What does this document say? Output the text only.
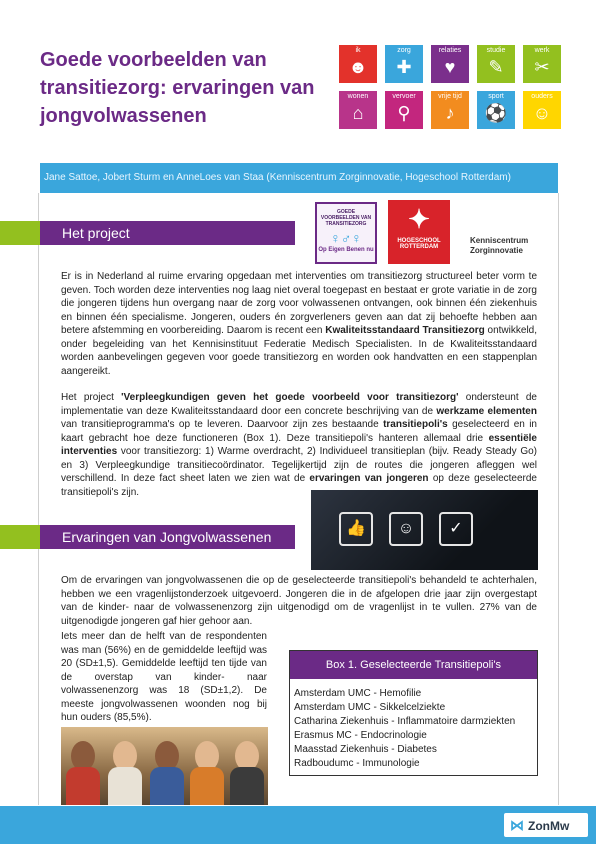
Goede voorbeelden van transitiezorg: ervaringen van jongvolwassenen
ik
☻
zorg
✚
relaties
♥
studie
✎
werk
✂
wonen
⌂
vervoer
⚲
vrije tijd
♪
sport
⚽
ouders
☺
Jane Sattoe, Jobert Sturm en AnneLoes van Staa (Kenniscentrum Zorginnovatie, Hogeschool Rotterdam)
Het project
GOEDE VOORBEELDEN VAN TRANSITIEZORG
♀♂♀
Op Eigen Benen nu
✦
HOGESCHOOL ROTTERDAM
Kenniscentrum Zorginnovatie
Er is in Nederland al ruime ervaring opgedaan met interventies om transitiezorg structureel beter vorm te geven. Toch worden deze interventies nog laag niet overal toegepast en bestaat er grote variatie in de zorg die jongeren tijdens hun overgang naar de zorg voor volwassenen ontvangen, ook binnen één ziekenhuis en binnen één specialisme. Jongeren, ouders én zorgverleners geven aan dat zij behoefte hebben aan betere afstemming en voorbereiding. Daarom is recent een Kwaliteitsstandaard Transitiezorg ontwikkeld, onder begeleiding van het Kennisinstituut Federatie Medisch Specialisten. In de Kwaliteitsstandaard worden aanbevelingen gegeven voor goede transitiezorg en worden ook handvatten en een stappenplan aangereikt.
Het project 'Verpleegkundigen geven het goede voorbeeld voor transitiezorg' ondersteunt de implementatie van deze Kwaliteitsstandaard door een concrete beschrijving van de werkzame elementen van transitieprogramma's op te leveren. Daarvoor zijn zes bestaande transitiepoli's geselecteerd en in kaart gebracht hoe deze functioneren (Box 1). Deze transitiepoli's hanteren allemaal drie essentiële interventies voor transitiezorg: 1) Warme overdracht, 2) Individueel transitieplan (bijv. Ready Steady Go) en 3) Verpleegkundige transitiecoördinator. Tegelijkertijd zijn de routes die jongeren afleggen wel verschillend. In deze fact sheet laten we zien wat de ervaringen van jongeren op deze geselecteerde transitiepoli's zijn.
Ervaringen van Jongvolwassenen	👍	☺	✓
Om de ervaringen van jongvolwassenen die op de geselecteerde transitiepoli's behandeld te achterhalen, hebben we een vragenlijstonderzoek uitgevoerd. Jongeren die in de afgelopen drie jaar zijn overgestapt van de kinder- naar de volwassenenzorg zijn uitgenodigd om de vragenlijst in te vullen. 27% van de uitgenodigde jongeren gaf hier gehoor aan.
Iets meer dan de helft van de respondenten was man (56%) en de gemiddelde leeftijd was 20 (SD±1,5). Gemiddelde leeftijd ten tijde van de overstap van kinder- naar volwassenenzorg was 18 (SD±1,2). De meeste jongvolwassenen woonden nog bij hun ouders (85,5%).
Box 1. Geselecteerde Transitiepoli's
Amsterdam UMC - Hemofilie
Amsterdam UMC - Sikkelcelziekte
Catharina Ziekenhuis - Inflammatoire darmziekten
Erasmus MC - Endocrinologie
Maasstad Ziekenhuis - Diabetes
Radboudumc - Immunologie
⋈ ZonMw
